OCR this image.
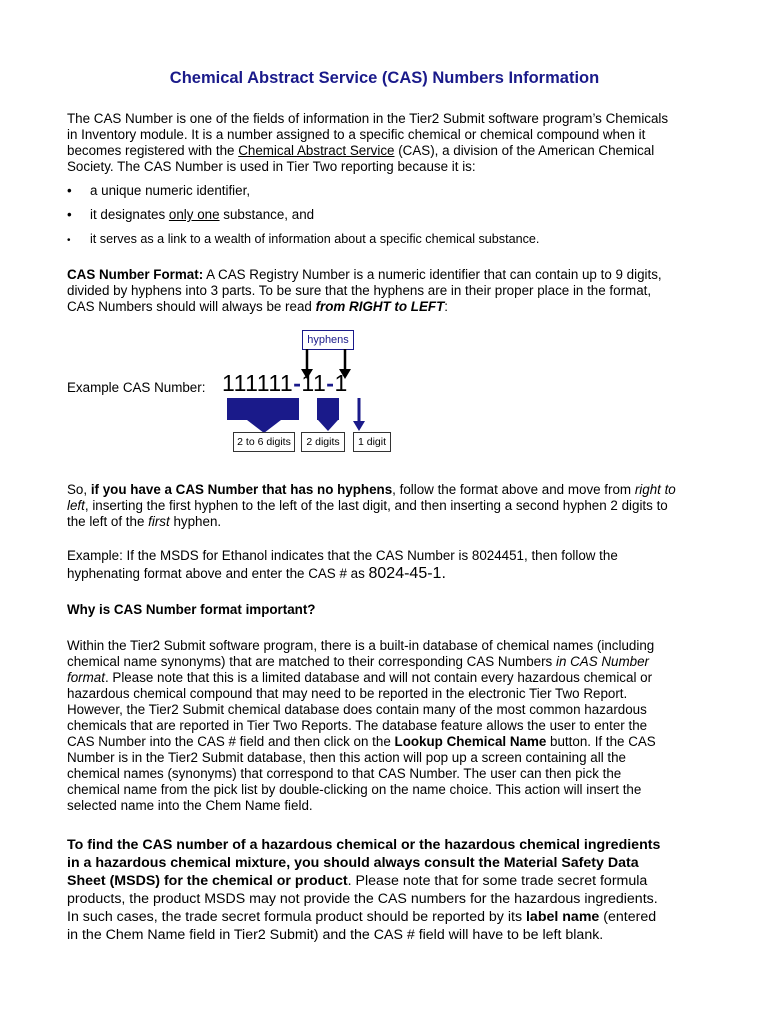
Chemical Abstract Service (CAS) Numbers Information

The CAS Number is one of the fields of information in the Tier2 Submit software program’s Chemicals

in Inventory module. It is a number assigned to a specific chemical or chemical compound when it

becomes registered with the Chemical Abstract Service (CAS), a division of the American Chemical

Society. The CAS Number is used in Tier Two reporting because it is:

• a unique numeric identifier,
• it designates only one substance, and
• it serves as a link to a wealth of information about a specific chemical substance.

CAS Number Format: A CAS Registry Number is a numeric identifier that can contain up to 9 digits,

divided by hyphens into 3 parts. To be sure that the hyphens are in their proper place in the format,

CAS Numbers should will always be read from RIGHT to LEFT:

hyphens
Example CAS Number: 111111-11-1
2 to 6 digits	2 digits	1 digit

So, if you have a CAS Number that has no hyphens, follow the format above and move from right to

left, inserting the first hyphen to the left of the last digit, and then inserting a second hyphen 2 digits to

the left of the first hyphen.

Example: If the MSDS for Ethanol indicates that the CAS Number is 8024451, then follow the

hyphenating format above and enter the CAS # as 8024-45-1.

Why is CAS Number format important?

Within the Tier2 Submit software program, there is a built-in database of chemical names (including

chemical name synonyms) that are matched to their corresponding CAS Numbers in CAS Number

format. Please note that this is a limited database and will not contain every hazardous chemical or

hazardous chemical compound that may need to be reported in the electronic Tier Two Report.

However, the Tier2 Submit chemical database does contain many of the most common hazardous

chemicals that are reported in Tier Two Reports. The database feature allows the user to enter the

CAS Number into the CAS # field and then click on the Lookup Chemical Name button. If the CAS

Number is in the Tier2 Submit database, then this action will pop up a screen containing all the

chemical names (synonyms) that correspond to that CAS Number. The user can then pick the

chemical name from the pick list by double-clicking on the name choice. This action will insert the

selected name into the Chem Name field.

To find the CAS number of a hazardous chemical or the hazardous chemical ingredients

in a hazardous chemical mixture, you should always consult the Material Safety Data

Sheet (MSDS) for the chemical or product. Please note that for some trade secret formula

products, the product MSDS may not provide the CAS numbers for the hazardous ingredients.

In such cases, the trade secret formula product should be reported by its label name (entered

in the Chem Name field in Tier2 Submit) and the CAS # field will have to be left blank.
